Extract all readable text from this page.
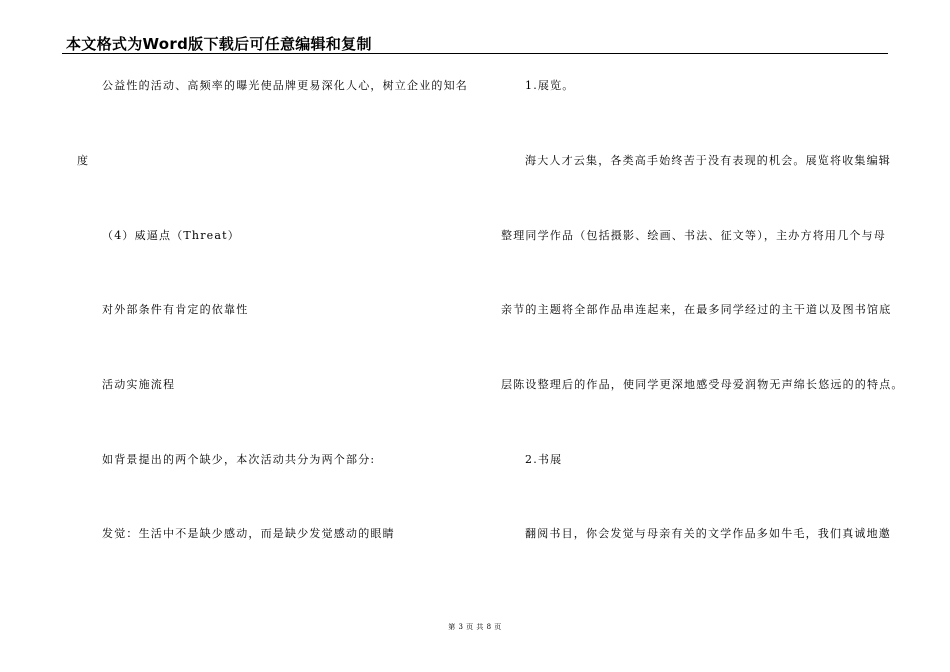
本文格式为Word版下载后可任意编辑和复制
公益性的活动、高频率的曝光使品牌更易深化人心，树立企业的知名
度
（4）威逼点（Threat）
对外部条件有肯定的依靠性
活动实施流程
如背景提出的两个缺少，本次活动共分为两个部分:
发觉：生活中不是缺少感动，而是缺少发觉感动的眼睛
1.展览。
海大人才云集，各类高手始终苦于没有表现的机会。展览将收集编辑
整理同学作品（包括摄影、绘画、书法、征文等），主办方将用几个与母
亲节的主题将全部作品串连起来，在最多同学经过的主干道以及图书馆底
层陈设整理后的作品，使同学更深地感受母爱润物无声绵长悠远的的特点。
2.书展
翻阅书目，你会发觉与母亲有关的文学作品多如牛毛，我们真诚地邀
第 3 页 共 8 页
